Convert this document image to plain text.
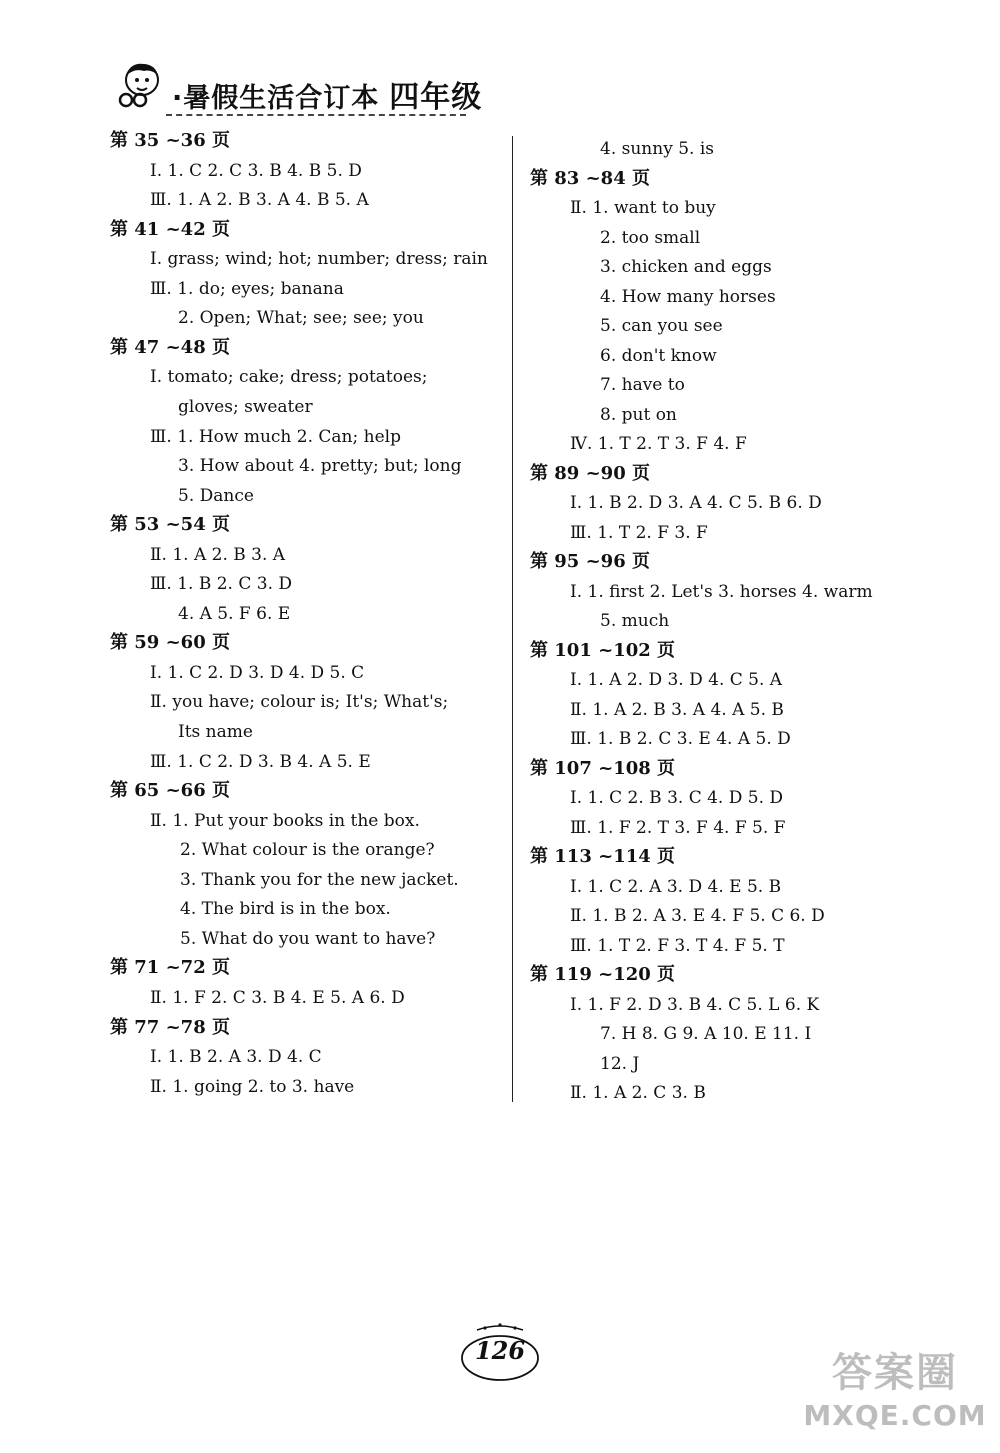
·暑假生活合订本 四年级
第 35 ~36 页
Ⅰ. 1. C 2. C 3. B 4. B 5. D
Ⅲ. 1. A 2. B 3. A 4. B 5. A
第 41 ~42 页
Ⅰ. grass; wind; hot; number; dress; rain
Ⅲ. 1. do; eyes; banana
2. Open; What; see; see; you
第 47 ~48 页
Ⅰ. tomato; cake; dress; potatoes;
gloves; sweater
Ⅲ. 1. How much 2. Can; help
3. How about 4. pretty; but; long
5. Dance
第 53 ~54 页
Ⅱ. 1. A 2. B 3. A
Ⅲ. 1. B 2. C 3. D
4. A 5. F 6. E
第 59 ~60 页
Ⅰ. 1. C 2. D 3. D 4. D 5. C
Ⅱ. you have; colour is; It's; What's;
Its name
Ⅲ. 1. C 2. D 3. B 4. A 5. E
第 65 ~66 页
Ⅱ. 1. Put your books in the box.
2. What colour is the orange?
3. Thank you for the new jacket.
4. The bird is in the box.
5. What do you want to have?
第 71 ~72 页
Ⅱ. 1. F 2. C 3. B 4. E 5. A 6. D
第 77 ~78 页
Ⅰ. 1. B 2. A 3. D 4. C
Ⅱ. 1. going 2. to 3. have
4. sunny 5. is
第 83 ~84 页
Ⅱ. 1. want to buy
2. too small
3. chicken and eggs
4. How many horses
5. can you see
6. don't know
7. have to
8. put on
Ⅳ. 1. T 2. T 3. F 4. F
第 89 ~90 页
Ⅰ. 1. B 2. D 3. A 4. C 5. B 6. D
Ⅲ. 1. T 2. F 3. F
第 95 ~96 页
Ⅰ. 1. first 2. Let's 3. horses 4. warm
5. much
第 101 ~102 页
Ⅰ. 1. A 2. D 3. D 4. C 5. A
Ⅱ. 1. A 2. B 3. A 4. A 5. B
Ⅲ. 1. B 2. C 3. E 4. A 5. D
第 107 ~108 页
Ⅰ. 1. C 2. B 3. C 4. D 5. D
Ⅲ. 1. F 2. T 3. F 4. F 5. F
第 113 ~114 页
Ⅰ. 1. C 2. A 3. D 4. E 5. B
Ⅱ. 1. B 2. A 3. E 4. F 5. C 6. D
Ⅲ. 1. T 2. F 3. T 4. F 5. T
第 119 ~120 页
Ⅰ. 1. F 2. D 3. B 4. C 5. L 6. K
7. H 8. G 9. A 10. E 11. I
12. J
Ⅱ. 1. A 2. C 3. B
126	答案圈
MXQE.COM
